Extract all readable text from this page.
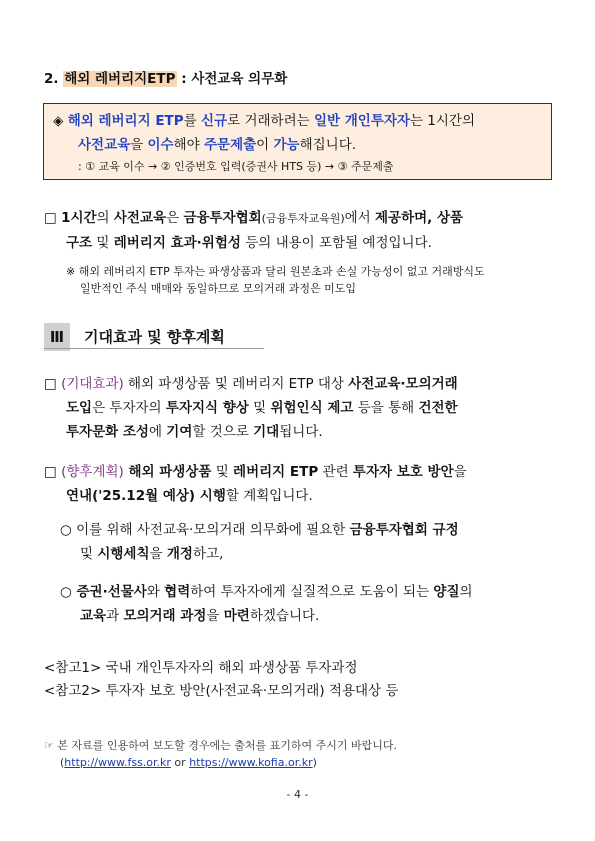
2. 해외 레버리지ETP : 사전교육 의무화
◈ 해외 레버리지 ETP를 신규로 거래하려는 일반 개인투자자는 1시간의
사전교육을 이수해야 주문제출이 가능해집니다.
: ① 교육 이수 → ② 인증번호 입력(증권사 HTS 등) → ③ 주문제출
□ 1시간의 사전교육은 금융투자협회(금융투자교육원)에서 제공하며, 상품
구조 및 레버리지 효과·위험성 등의 내용이 포함될 예정입니다.
※ 해외 레버리지 ETP 투자는 파생상품과 달리 원본초과 손실 가능성이 없고 거래방식도
일반적인 주식 매매와 동일하므로 모의거래 과정은 미도입
Ⅲ 기대효과 및 향후계획
□ (기대효과) 해외 파생상품 및 레버리지 ETP 대상 사전교육·모의거래
도입은 투자자의 투자지식 향상 및 위험인식 제고 등을 통해 건전한
투자문화 조성에 기여할 것으로 기대됩니다.
□ (향후계획) 해외 파생상품 및 레버리지 ETP 관련 투자자 보호 방안을
연내('25.12월 예상) 시행할 계획입니다.
○ 이를 위해 사전교육·모의거래 의무화에 필요한 금융투자협회 규정
및 시행세칙을 개정하고,
○ 증권·선물사와 협력하여 투자자에게 실질적으로 도움이 되는 양질의
교육과 모의거래 과정을 마련하겠습니다.
<참고1> 국내 개인투자자의 해외 파생상품 투자과정
<참고2> 투자자 보호 방안(사전교육·모의거래) 적용대상 등
☞ 본 자료를 인용하여 보도할 경우에는 출처를 표기하여 주시기 바랍니다.
(http://www.fss.or.kr or https://www.kofia.or.kr)
- 4 -
